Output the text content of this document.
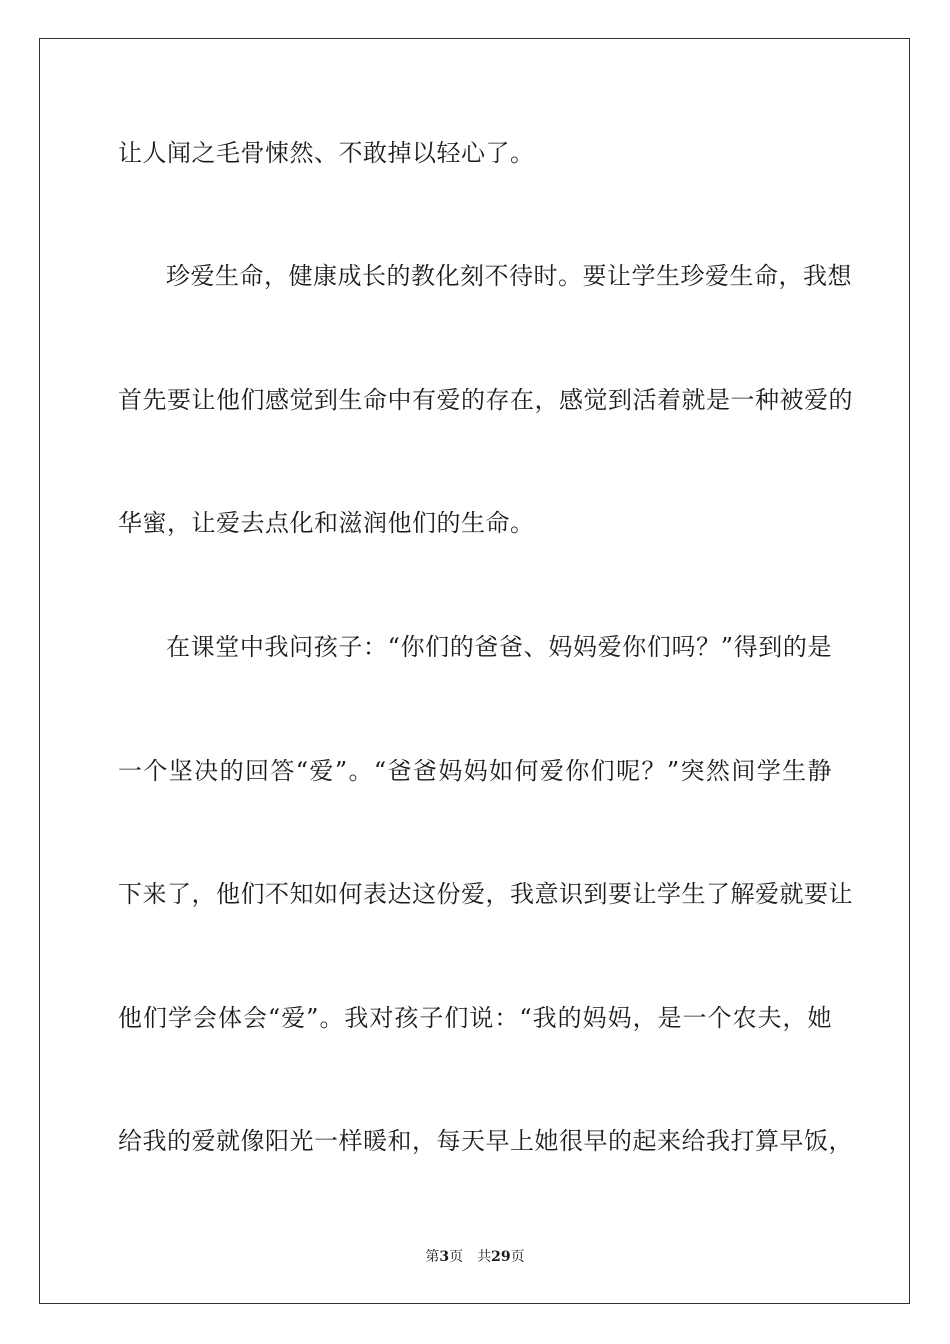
让人闻之毛骨悚然、不敢掉以轻心了。
珍爱生命，健康成长的教化刻不待时。要让学生珍爱生命，我想
首先要让他们感觉到生命中有爱的存在，感觉到活着就是一种被爱的
华蜜，让爱去点化和滋润他们的生命。
在课堂中我问孩子：“你们的爸爸、妈妈爱你们吗？”得到的是
一个坚决的回答“爱”。“爸爸妈妈如何爱你们呢？”突然间学生静
下来了，他们不知如何表达这份爱，我意识到要让学生了解爱就要让
他们学会体会“爱”。我对孩子们说：“我的妈妈，是一个农夫，她
给我的爱就像阳光一样暖和，每天早上她很早的起来给我打算早饭，
第3页 共29页
